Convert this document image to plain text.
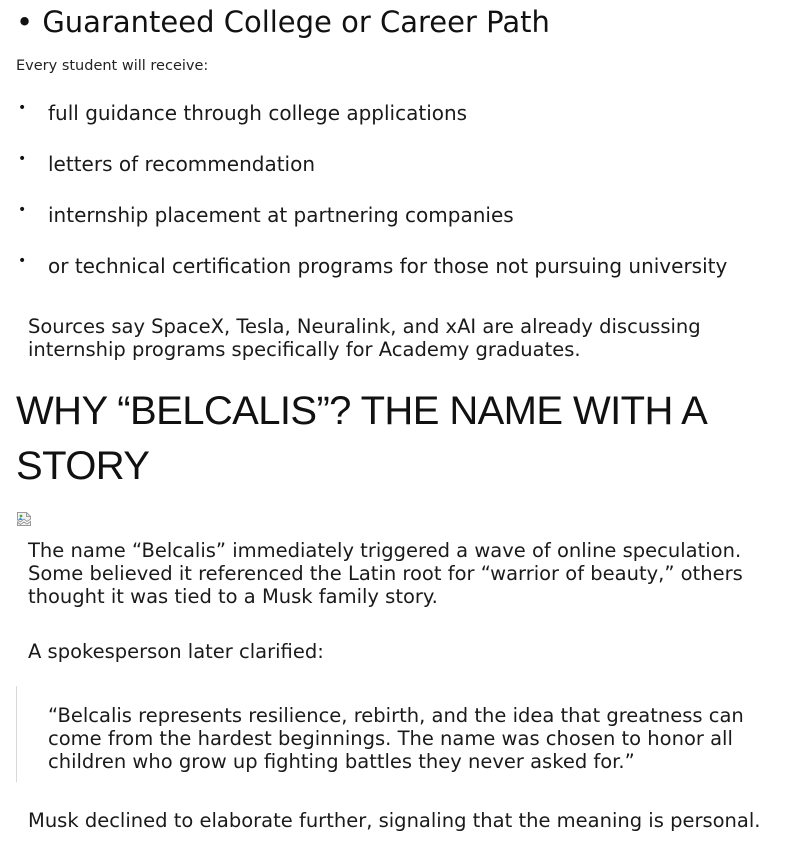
• Guaranteed College or Career Path

Every student will receive:

• full guidance through college applications
• letters of recommendation
• internship placement at partnering companies
• or technical certification programs for those not pursuing university

Sources say SpaceX, Tesla, Neuralink, and xAI are already discussing internship programs specifically for Academy graduates.

WHY “BELCALIS”? THE NAME WITH A STORY

The name “Belcalis” immediately triggered a wave of online speculation. Some believed it referenced the Latin root for “warrior of beauty,” others thought it was tied to a Musk family story.

A spokesperson later clarified:

“Belcalis represents resilience, rebirth, and the idea that greatness can come from the hardest beginnings. The name was chosen to honor all children who grow up fighting battles they never asked for.”

Musk declined to elaborate further, signaling that the meaning is personal.
